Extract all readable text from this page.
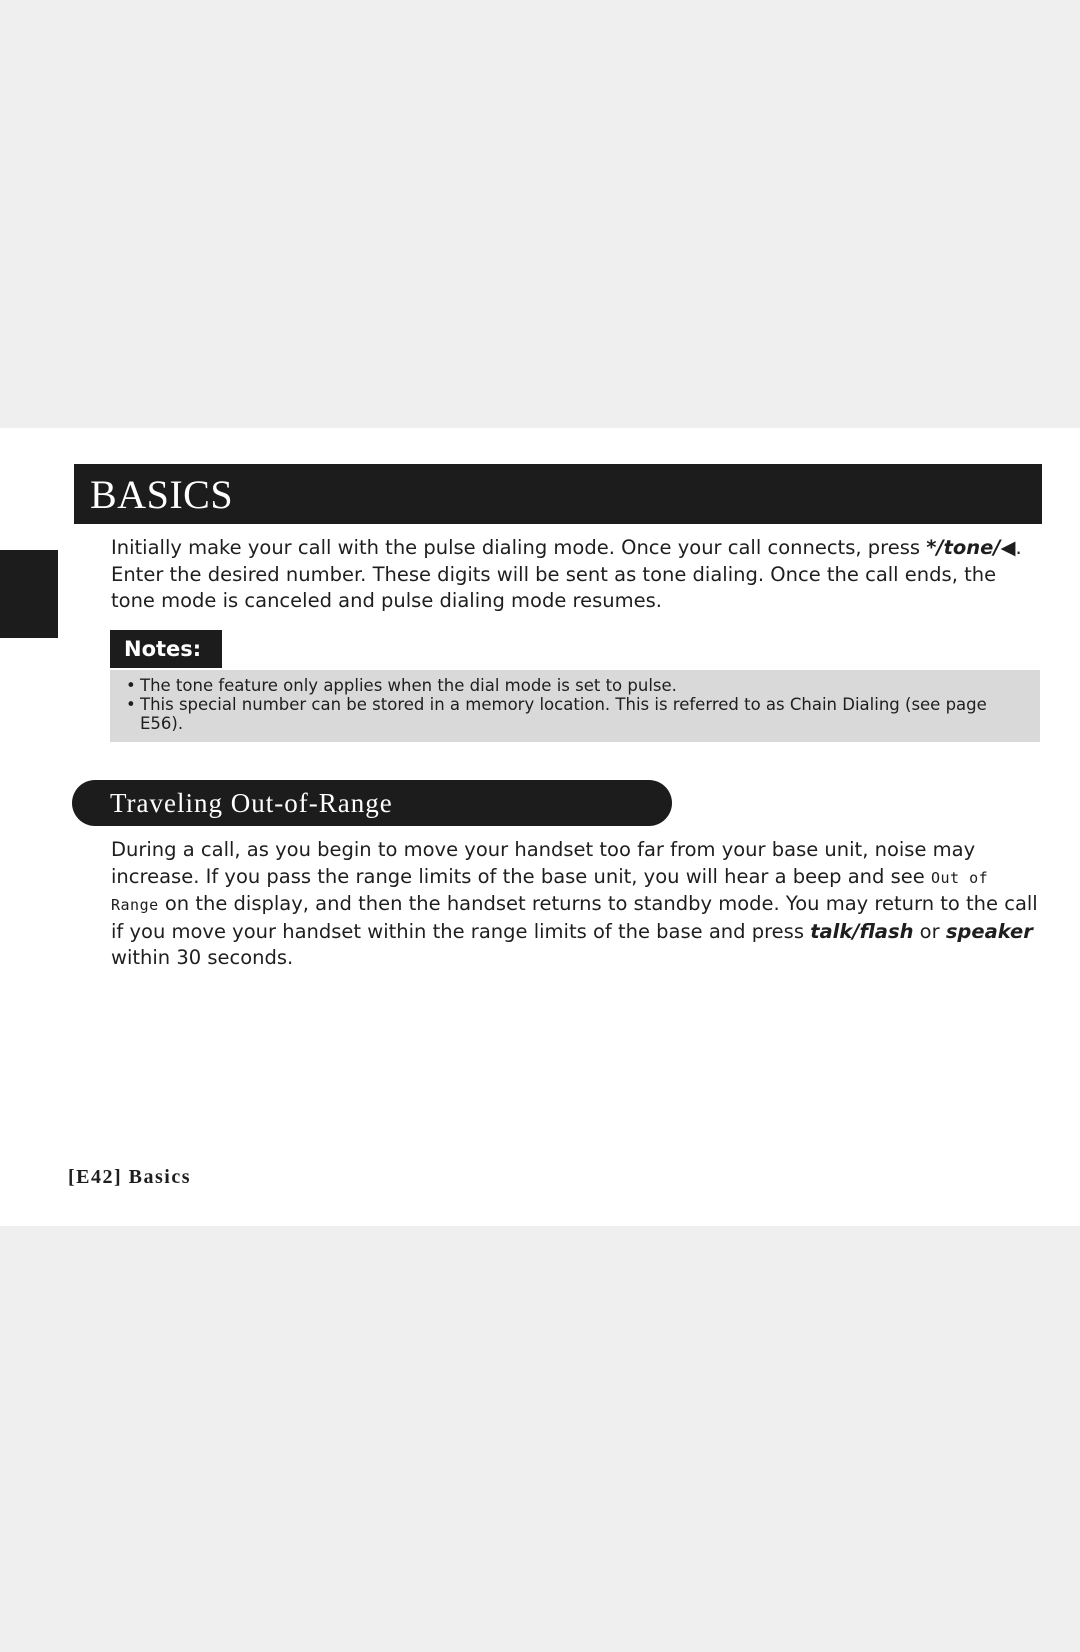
BASICS

Initially make your call with the pulse dialing mode. Once your call connects, press */tone/◀. Enter the desired number. These digits will be sent as tone dialing. Once the call ends, the tone mode is canceled and pulse dialing mode resumes.

Notes:

• The tone feature only applies when the dial mode is set to pulse.

• This special number can be stored in a memory location. This is referred to as Chain Dialing (see page E56).

Traveling Out-of-Range

During a call, as you begin to move your handset too far from your base unit, noise may increase. If you pass the range limits of the base unit, you will hear a beep and see Out of Range on the display, and then the handset returns to standby mode. You may return to the call if you move your handset within the range limits of the base and press talk/flash or speaker within 30 seconds.

[E42] Basics
